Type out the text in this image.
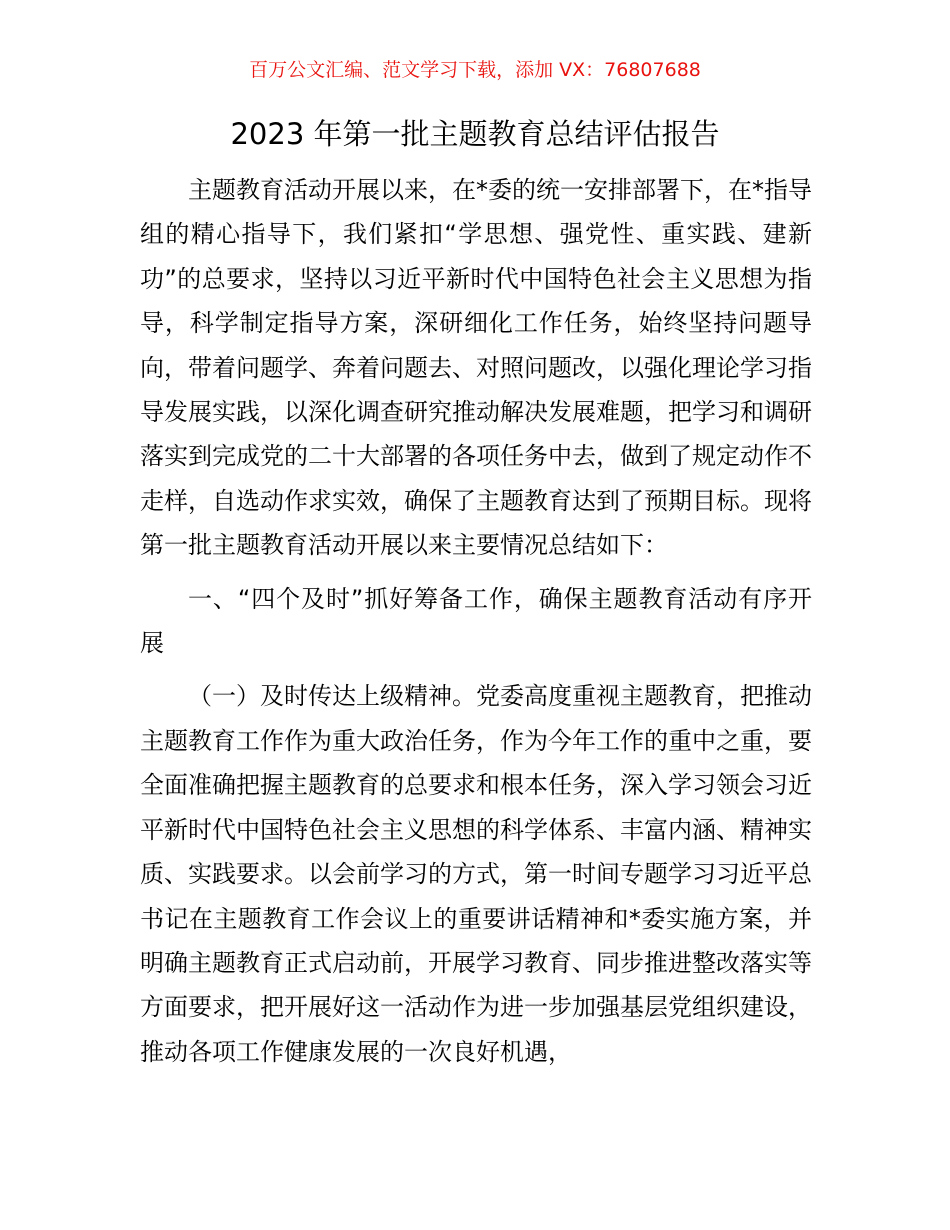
百万公文汇编、范文学习下载，添加 VX：76807688
2023 年第一批主题教育总结评估报告

主题教育活动开展以来，在*委的统一安排部署下，在*指导组的精心指导下，我们紧扣“学思想、强党性、重实践、建新功”的总要求，坚持以习近平新时代中国特色社会主义思想为指导，科学制定指导方案，深研细化工作任务，始终坚持问题导向，带着问题学、奔着问题去、对照问题改，以强化理论学习指导发展实践，以深化调查研究推动解决发展难题，把学习和调研落实到完成党的二十大部署的各项任务中去，做到了规定动作不走样，自选动作求实效，确保了主题教育达到了预期目标。现将第一批主题教育活动开展以来主要情况总结如下：

一、“四个及时”抓好筹备工作，确保主题教育活动有序开展

（一）及时传达上级精神。党委高度重视主题教育，把推动主题教育工作作为重大政治任务，作为今年工作的重中之重，要全面准确把握主题教育的总要求和根本任务，深入学习领会习近平新时代中国特色社会主义思想的科学体系、丰富内涵、精神实质、实践要求。以会前学习的方式，第一时间专题学习习近平总书记在主题教育工作会议上的重要讲话精神和*委实施方案，并明确主题教育正式启动前，开展学习教育、同步推进整改落实等方面要求，把开展好这一活动作为进一步加强基层党组织建设，推动各项工作健康发展的一次良好机遇，
